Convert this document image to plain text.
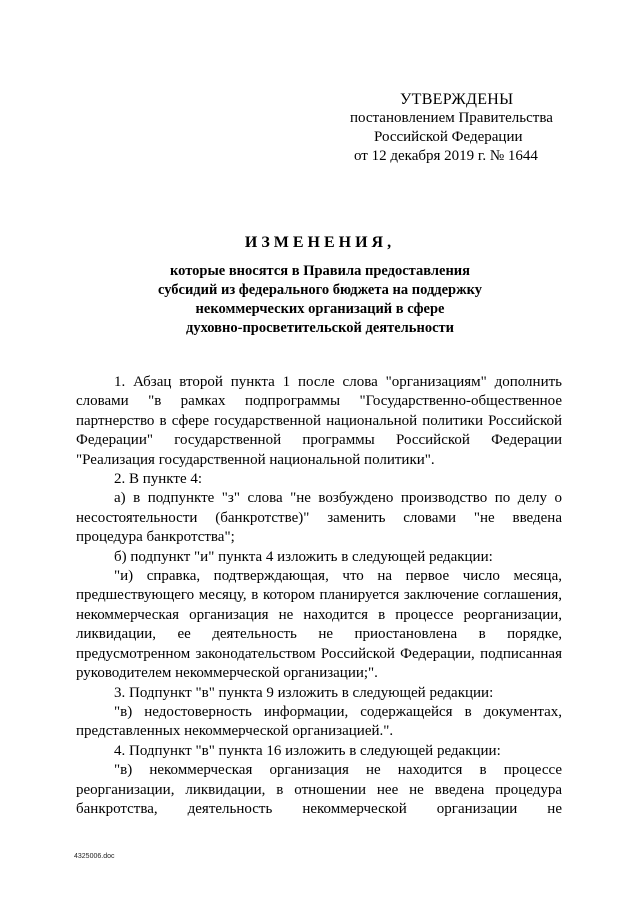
УТВЕРЖДЕНЫ
постановлением Правительства
Российской Федерации
от 12 декабря 2019 г. № 1644
ИЗМЕНЕНИЯ,
которые вносятся в Правила предоставления
субсидий из федерального бюджета на поддержку
некоммерческих организаций в сфере
духовно-просветительской деятельности

1. Абзац второй пункта 1 после слова "организациям" дополнить словами "в рамках подпрограммы "Государственно-общественное партнерство в сфере государственной национальной политики Российской Федерации" государственной программы Российской Федерации "Реализация государственной национальной политики".

2. В пункте 4:

а) в подпункте "з" слова "не возбуждено производство по делу о несостоятельности (банкротстве)" заменить словами "не введена процедура банкротства";

б) подпункт "и" пункта 4 изложить в следующей редакции:

"и) справка, подтверждающая, что на первое число месяца, предшествующего месяцу, в котором планируется заключение соглашения, некоммерческая организация не находится в процессе реорганизации, ликвидации, ее деятельность не приостановлена в порядке, предусмотренном законодательством Российской Федерации, подписанная руководителем некоммерческой организации;".

3. Подпункт "в" пункта 9 изложить в следующей редакции:

"в) недостоверность информации, содержащейся в документах, представленных некоммерческой организацией.".

4. Подпункт "в" пункта 16 изложить в следующей редакции:

"в) некоммерческая организация не находится в процессе реорганизации, ликвидации, в отношении нее не введена процедура банкротства, деятельность некоммерческой организации не

4325006.doc
